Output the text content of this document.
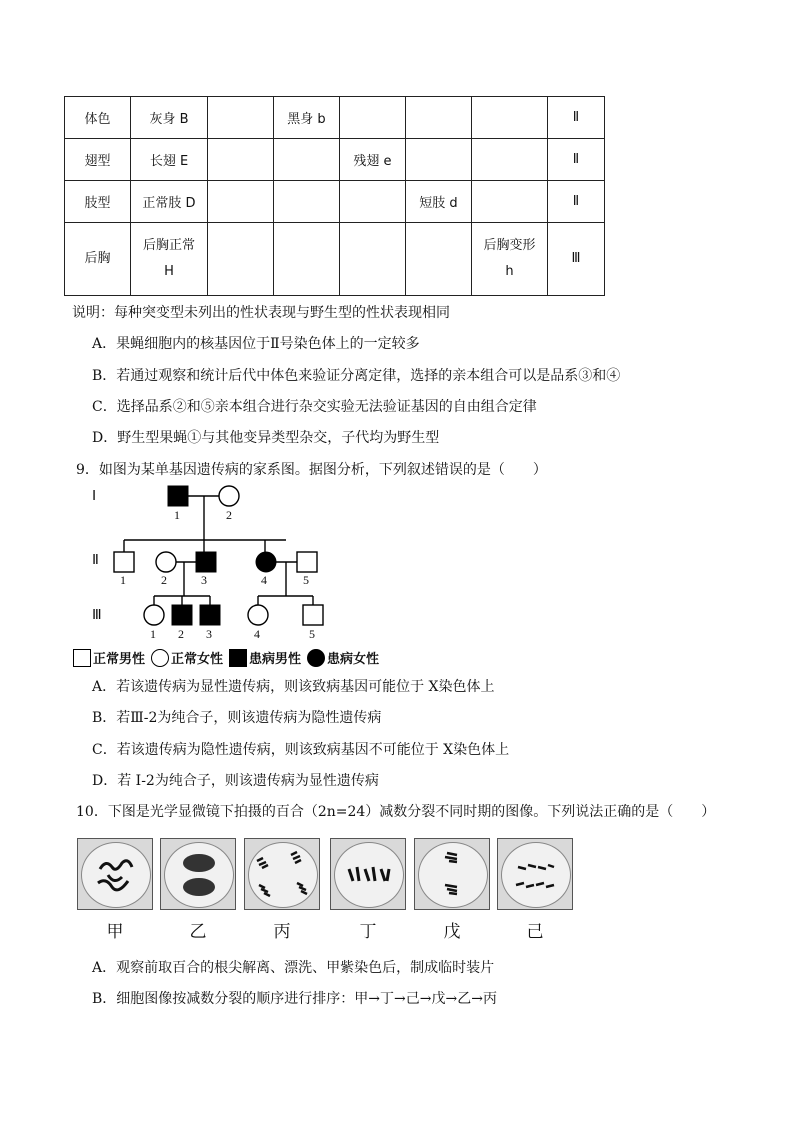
体色	灰身 B		黑身 b				Ⅱ
翅型	长翅 E			残翅 e			Ⅱ
肢型	正常肢 D				短肢 d		Ⅱ
后胸	后胸正常 H					后胸变形 h	Ⅲ
说明：每种突变型未列出的性状表现与野生型的性状表现相同
A．果蝇细胞内的核基因位于Ⅱ号染色体上的一定较多
B．若通过观察和统计后代中体色来验证分离定律，选择的亲本组合可以是品系③和④
C．选择品系②和⑤亲本组合进行杂交实验无法验证基因的自由组合定律
D．野生型果蝇①与其他变异类型杂交，子代均为野生型
9．如图为某单基因遗传病的家系图。据图分析，下列叙述错误的是（　　）
Ⅰ
Ⅱ
Ⅲ
1	2
1	2	3	4	5
1 2 3	4	5
正常男性 正常女性 患病男性 患病女性
A．若该遗传病为显性遗传病，则该致病基因可能位于 X染色体上
B．若Ⅲ-2为纯合子，则该遗传病为隐性遗传病
C．若该遗传病为隐性遗传病，则该致病基因不可能位于 X染色体上
D．若 I-2为纯合子，则该遗传病为显性遗传病
10．下图是光学显微镜下拍摄的百合（2n=24）减数分裂不同时期的图像。下列说法正确的是（　　）
甲	乙	丙	丁	戊	己
A．观察前取百合的根尖解离、漂洗、甲紫染色后，制成临时装片
B．细胞图像按减数分裂的顺序进行排序：甲→丁→己→戊→乙→丙
